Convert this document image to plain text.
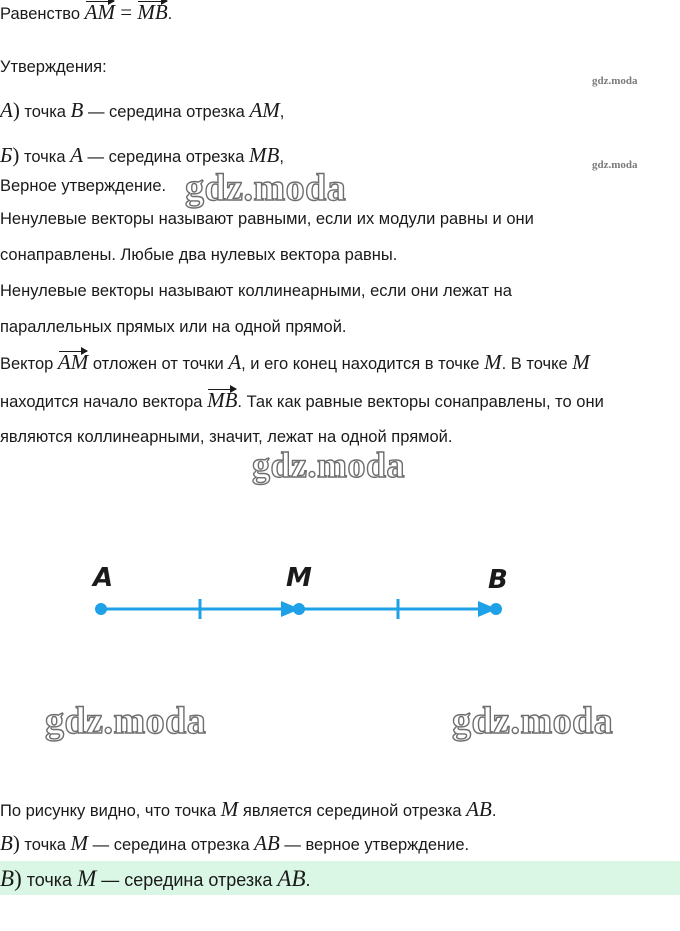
Равенство AM = MB.
Утверждения:
А) точка B — середина отрезка AM,
Б) точка A — середина отрезка MB,
Верное утверждение.
Ненулевые векторы называют равными, если их модули равны и они
сонаправлены. Любые два нулевых вектора равны.
Ненулевые векторы называют коллинеарными, если они лежат на
параллельных прямых или на одной прямой.
Вектор AM отложен от точки A, и его конец находится в точке M. В точке M
находится начало вектора MB. Так как равные векторы сонаправлены, то они
являются коллинеарными, значит, лежат на одной прямой.
A	M	B
По рисунку видно, что точка M является серединой отрезка AB.
В) точка M — середина отрезка AB — верное утверждение.
В) точка M — середина отрезка AB.
gdz.moda
gdz.moda
gdz.moda
gdz.moda
gdz.moda	gdz.moda
